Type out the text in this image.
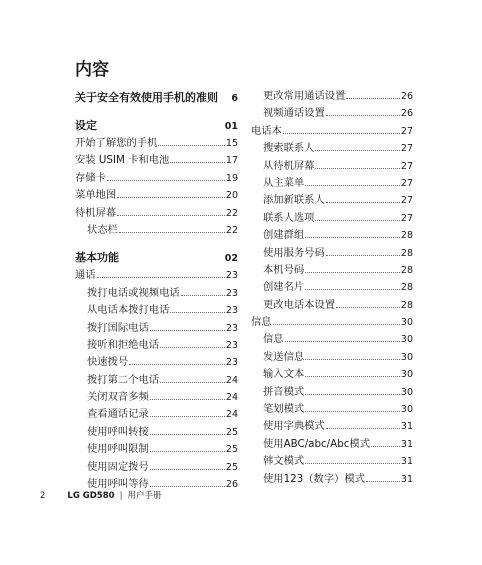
内容
关于安全有效使用手机的准则 6
设定	01
开始了解您的手机	15
安装 USIM 卡和电池	17
存储卡	19
菜单地图	20
待机屏幕	22
状态栏	22
基本功能	02
通话	23
拨打电话或视频电话	23
从电话本拨打电话	23
拨打国际电话	23
接听和拒绝电话	23
快速拨号	23
拨打第二个电话	24
关闭双音多频	24
查看通话记录	24
使用呼叫转接	25
使用呼叫限制	25
使用固定拨号	25
使用呼叫等待	26
更改常用通话设置	26
视频通话设置	26
电话本	27
搜索联系人	27
从待机屏幕	27
从主菜单	27
添加新联系人	27
联系人选项	27
创建群组	28
使用服务号码	28
本机号码	28
创建名片	28
更改电话本设置	28
信息	30
信息	30
发送信息	30
输入文本	30
拼音模式	30
笔划模式	30
使用字典模式	31
使用ABC/abc/Abc模式	31
韩文模式	31
使用123（数字）模式	31
2	LG GD580 | 用户手册
